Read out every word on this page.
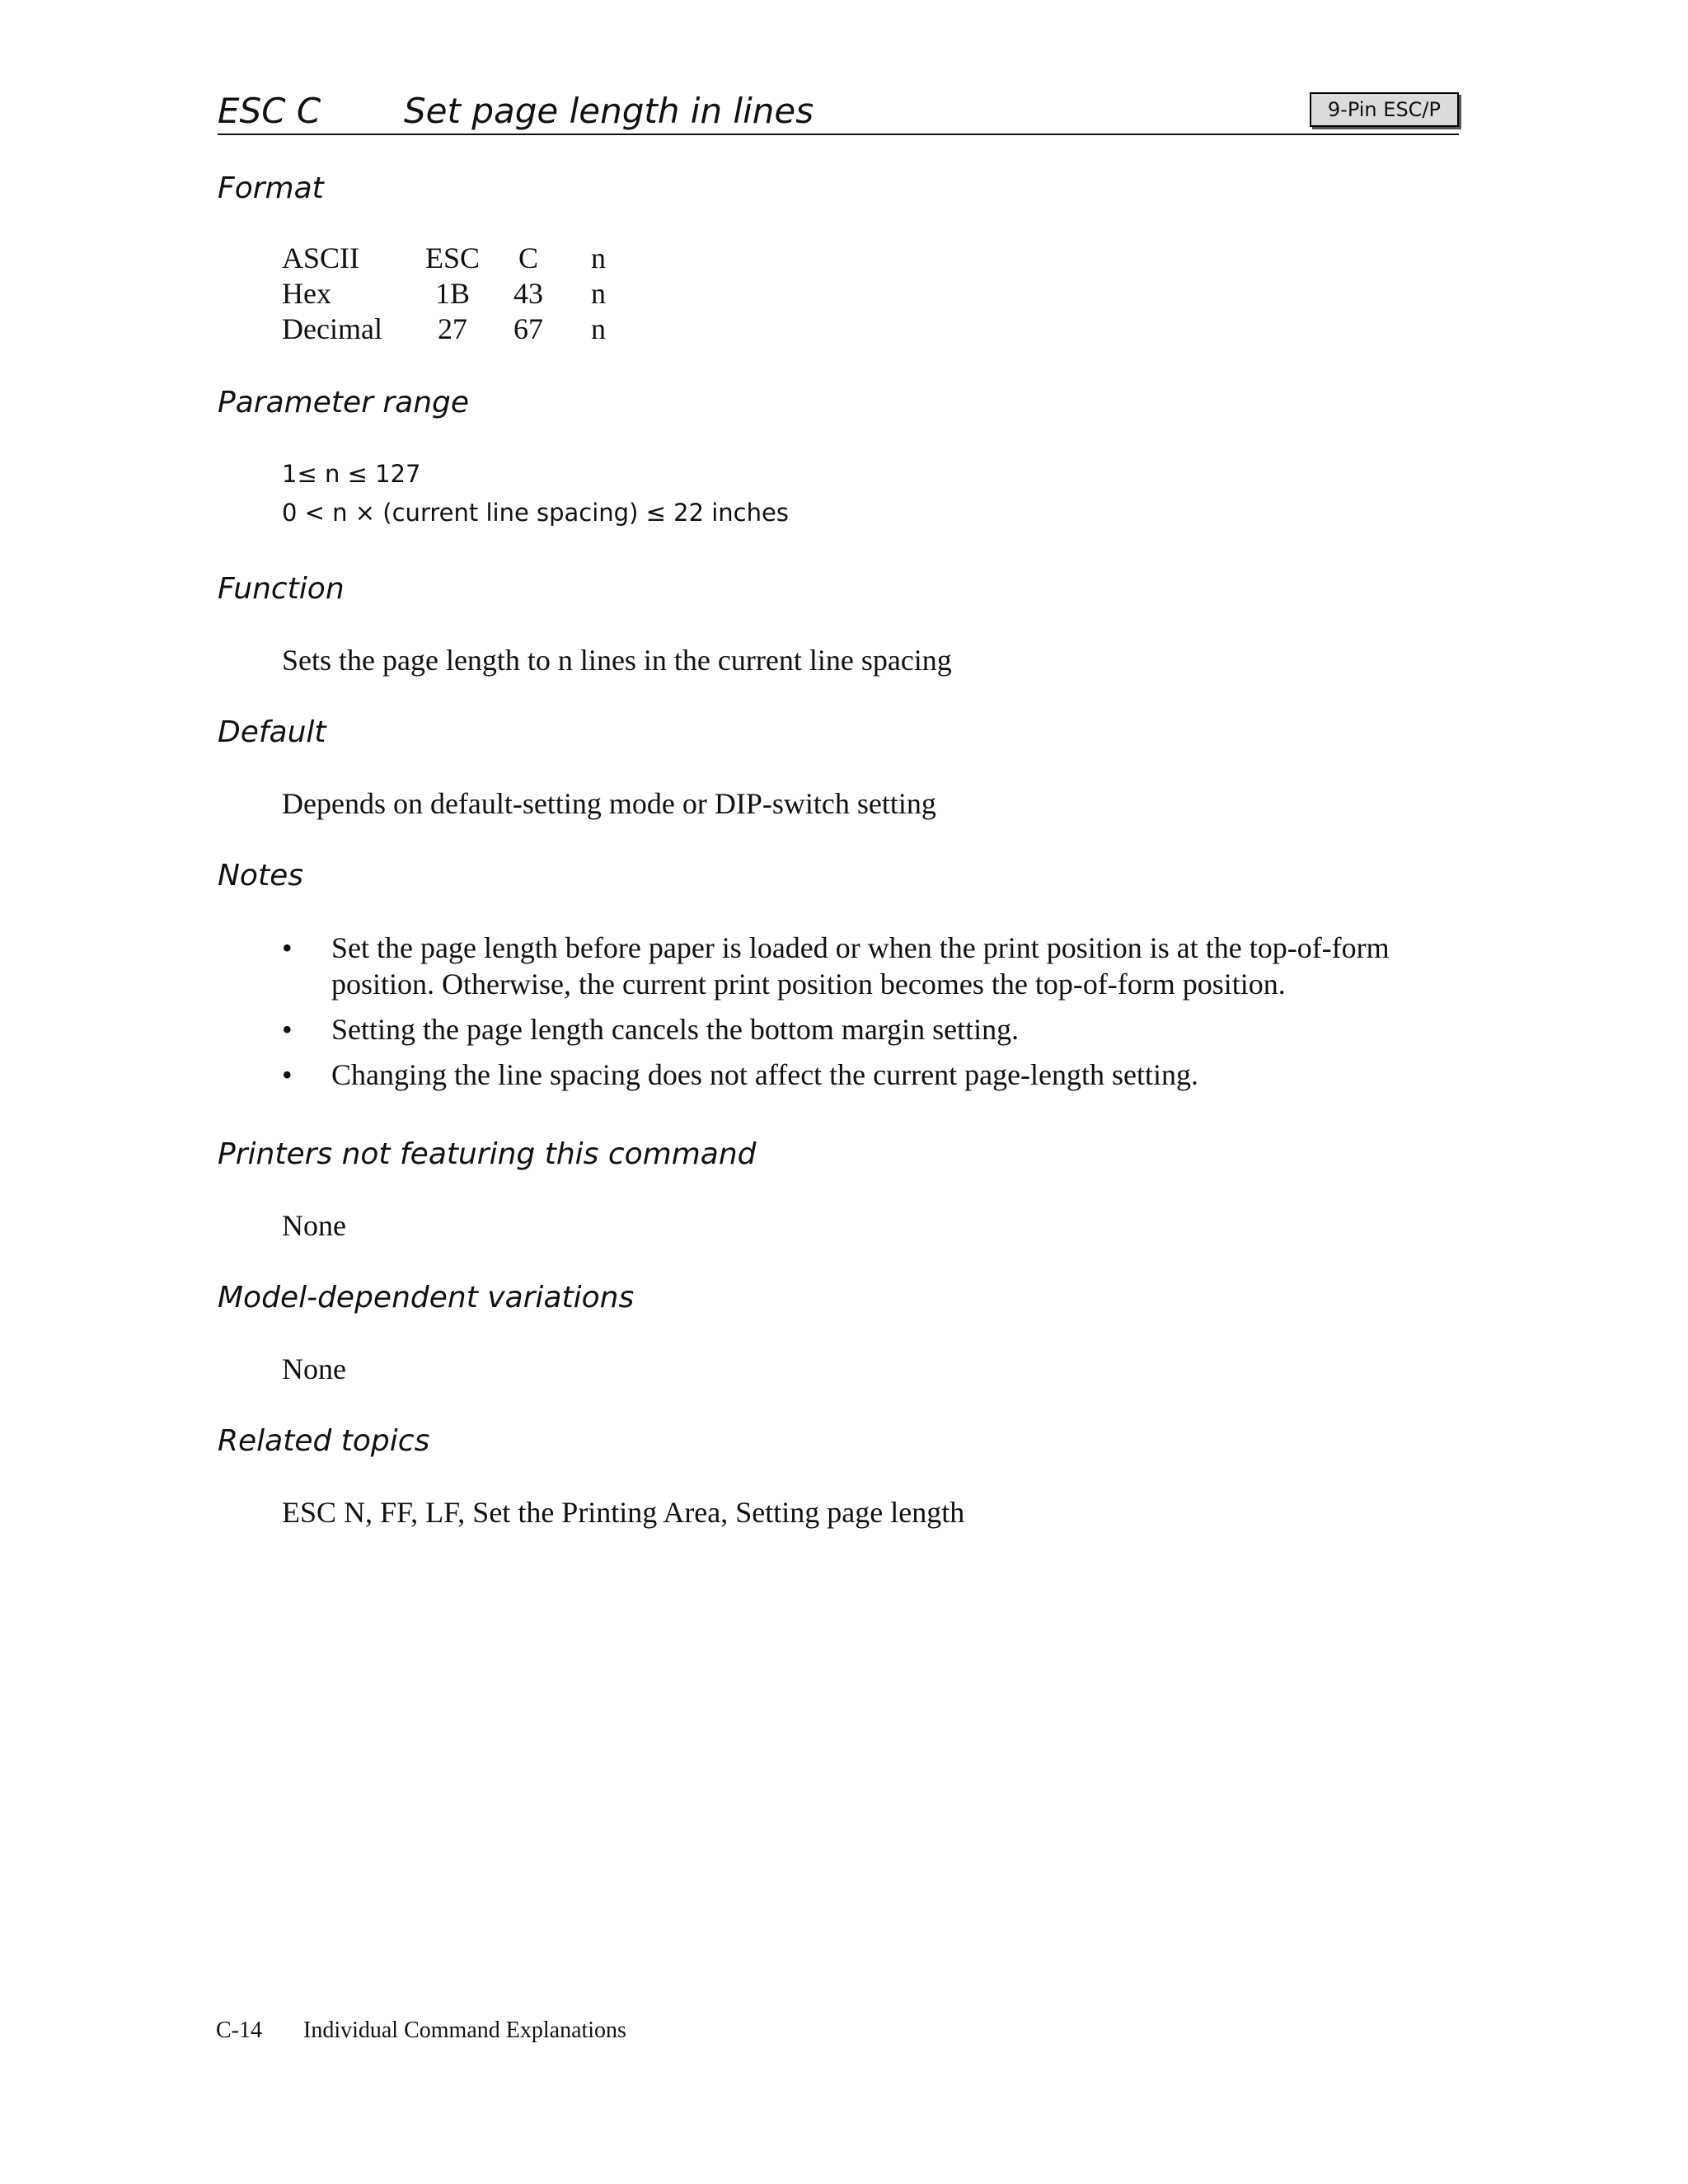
ESC C Set page length in lines	9-Pin ESC/P
Format
ASCII	ESC	C	n
Hex	1B	43	n
Decimal	27	67	n
Parameter range
1≤ n ≤ 127
0 < n × (current line spacing) ≤ 22 inches
Function
Sets the page length to n lines in the current line spacing
Default
Depends on default-setting mode or DIP-switch setting
Notes
• Set the page length before paper is loaded or when the print position is at the top-of-form position. Otherwise, the current print position becomes the top-of-form position.
• Setting the page length cancels the bottom margin setting.
• Changing the line spacing does not affect the current page-length setting.
Printers not featuring this command
None
Model-dependent variations
None
Related topics
ESC N, FF, LF, Set the Printing Area, Setting page length
C-14 Individual Command Explanations
